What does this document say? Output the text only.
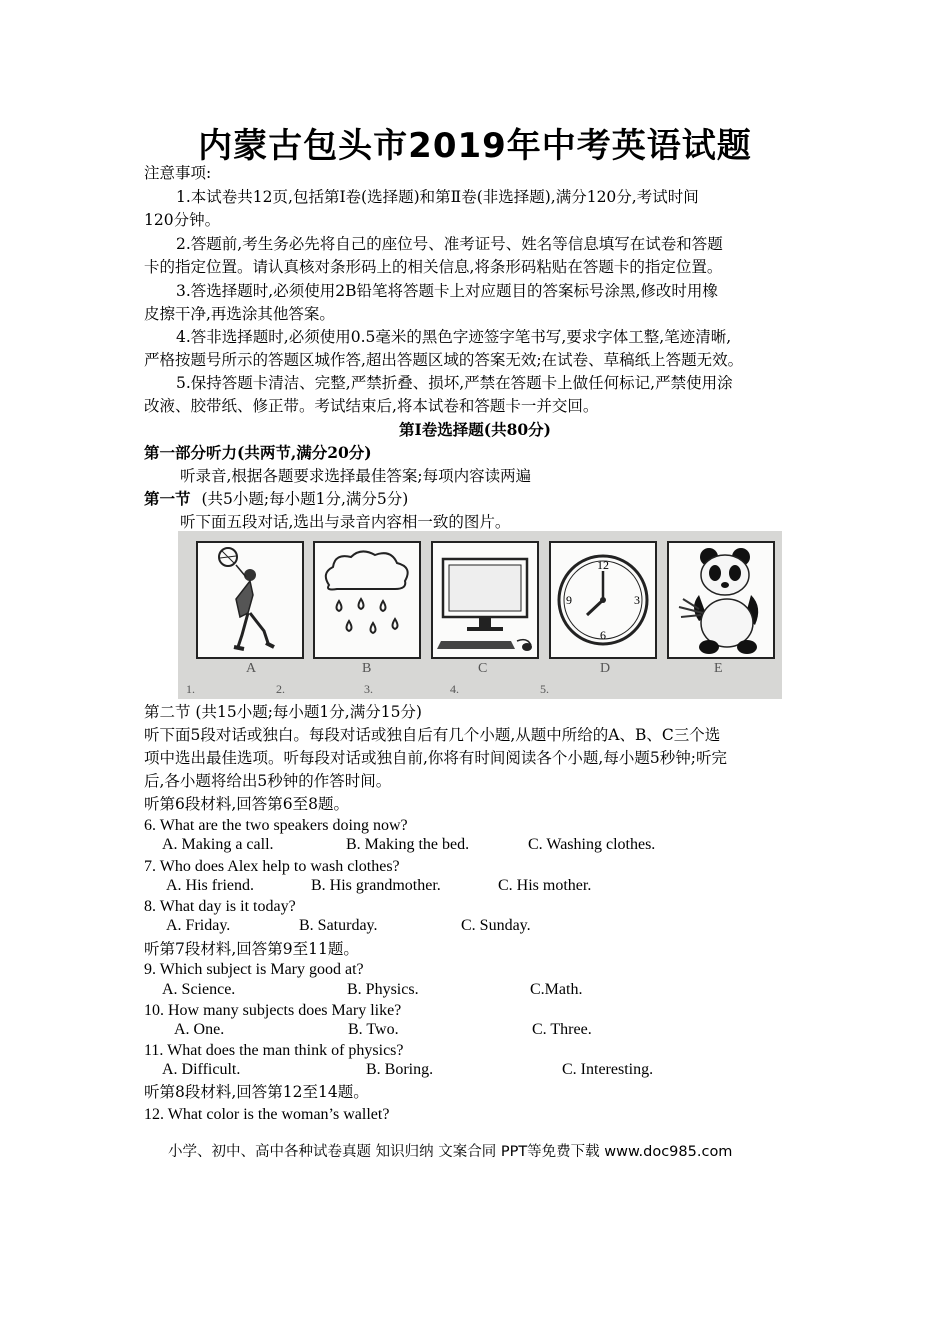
内蒙古包头市2019年中考英语试题
注意事项:
1.本试卷共12页,包括第Ⅰ卷(选择题)和第Ⅱ卷(非选择题),满分120分,考试时间
120分钟。
2.答题前,考生务必先将自己的座位号、准考证号、姓名等信息填写在试卷和答题
卡的指定位置。请认真核对条形码上的相关信息,将条形码粘贴在答题卡的指定位置。
3.答选择题时,必须使用2B铅笔将答题卡上对应题目的答案标号涂黑,修改时用橡
皮擦干净,再选涂其他答案。
4.答非选择题时,必须使用0.5毫米的黑色字迹签字笔书写,要求字体工整,笔迹清晰,
严格按题号所示的答题区城作答,超出答题区域的答案无效;在试卷、草稿纸上答题无效。
5.保持答题卡清洁、完整,严禁折叠、损坏,严禁在答题卡上做任何标记,严禁使用涂
改液、胶带纸、修正带。考试结束后,将本试卷和答题卡一并交回。
第I卷选择题(共80分)
第一部分听力(共两节,满分20分)
听录音,根据各题要求选择最佳答案;每项内容读两遍
第一节 (共5小题;每小题1分,满分5分)
听下面五段对话,选出与录音内容相一致的图片。
12
3
6
9
A	B	C	D	E
1.	2.	3.	4.	5.
第二节 (共15小题;每小题1分,满分15分)
听下面5段对话或独白。每段对话或独自后有几个小题,从题中所给的A、B、C三个选
项中选出最佳选项。听每段对话或独自前,你将有时间阅读各个小题,每小题5秒钟;听完
后,各小题将给出5秒钟的作答时间。
听第6段材料,回答第6至8题。
6. What are the two speakers doing now?
A. Making a call.	B. Making the bed.	C. Washing clothes.
7. Who does Alex help to wash clothes?
A. His friend.	B. His grandmother.	C. His mother.
8. What day is it today?
A. Friday.	B. Saturday.	C. Sunday.
听第7段材料,回答第9至11题。
9. Which subject is Mary good at?
A. Science.	B. Physics.	C.Math.
10. How many subjects does Mary like?
A. One.	B. Two.	C. Three.
11. What does the man think of physics?
A. Difficult.	B. Boring.	C. Interesting.
听第8段材料,回答第12至14题。
12. What color is the woman’s wallet?
小学、初中、高中各种试卷真题 知识归纳 文案合同 PPT等免费下载 www.doc985.com
